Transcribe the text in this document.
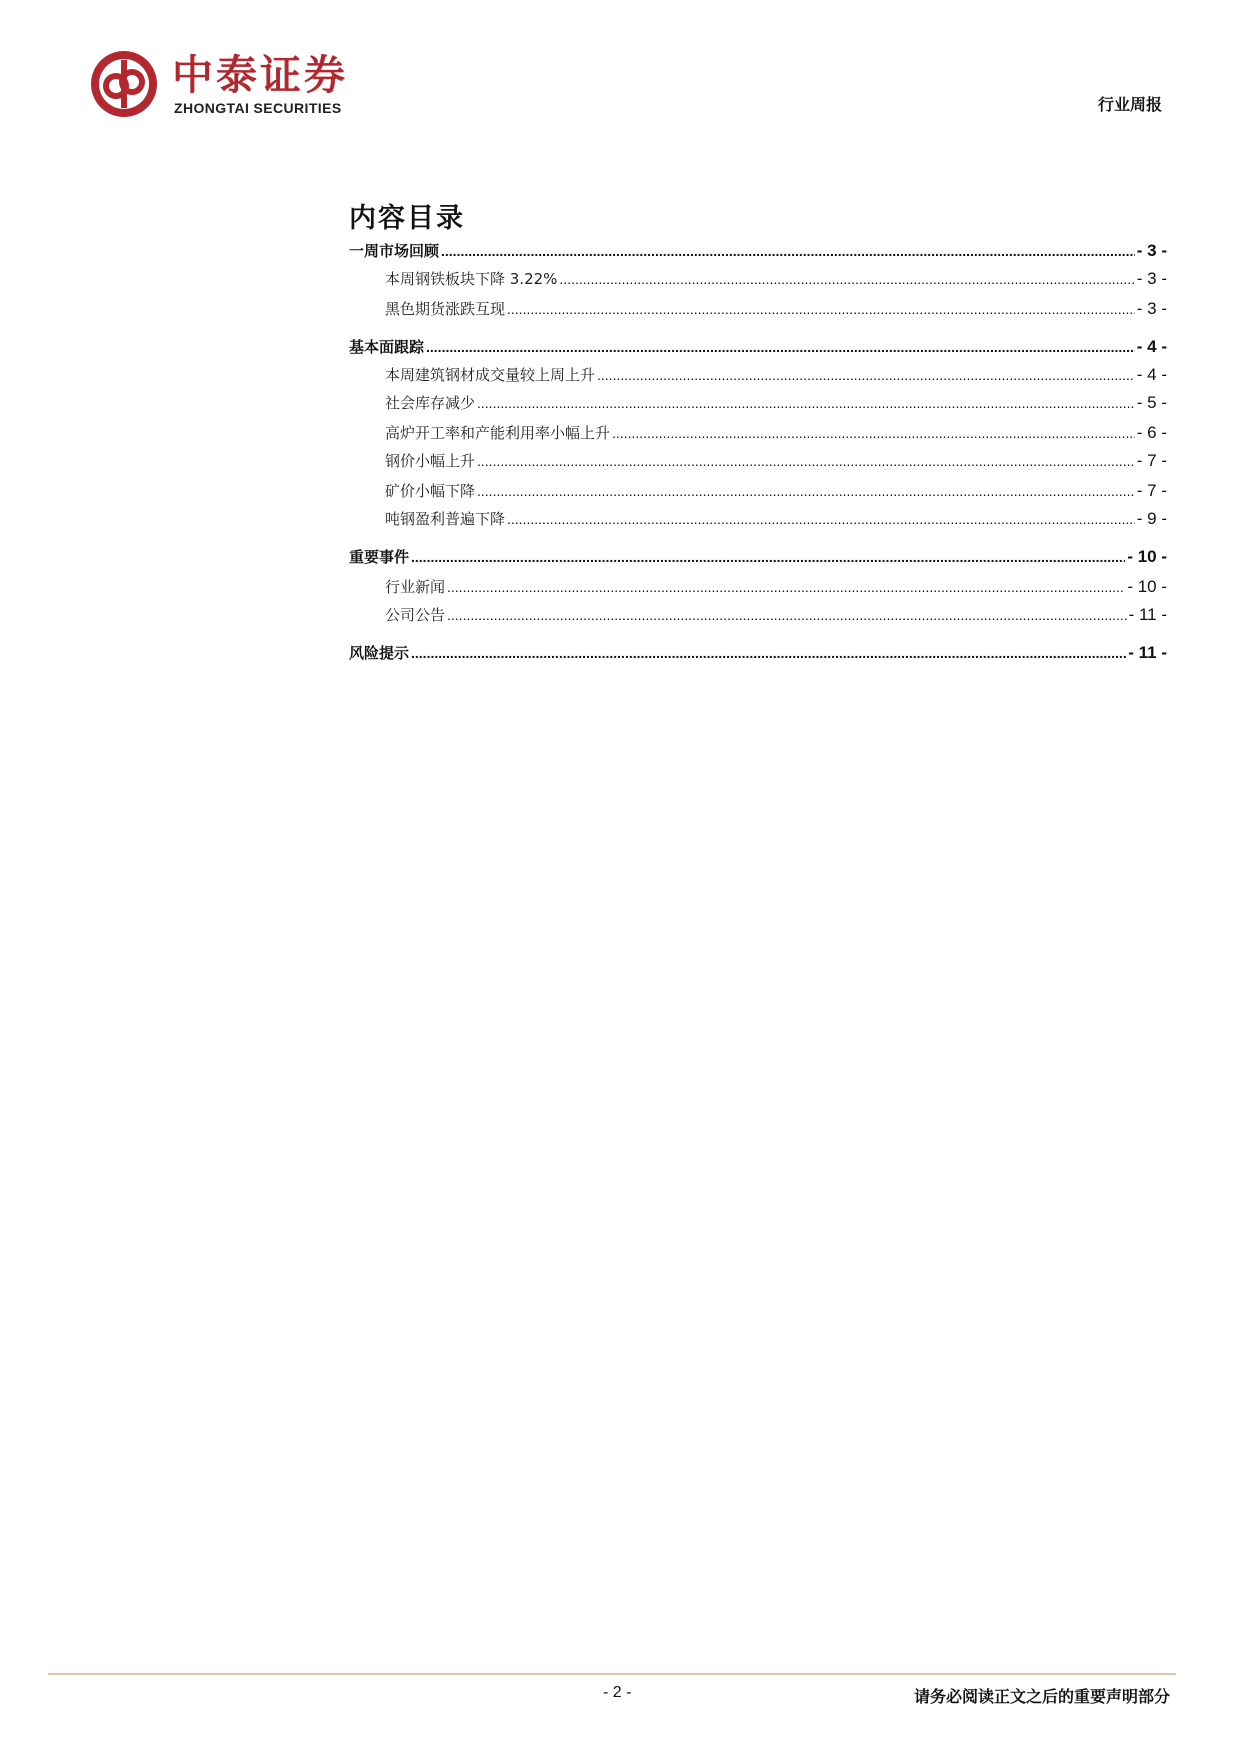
中泰证券
ZHONGTAI SECURITIES	行业周报
内容目录
一周市场回顾 .....	- 3 -
本周钢铁板块下降 3.22% .....	- 3 -
黑色期货涨跌互现 .....	- 3 -
基本面跟踪 .....	- 4 -
本周建筑钢材成交量较上周上升 .....	- 4 -
社会库存减少 .....	- 5 -
高炉开工率和产能利用率小幅上升 .....	- 6 -
钢价小幅上升 .....	- 7 -
矿价小幅下降 .....	- 7 -
吨钢盈利普遍下降 .....	- 9 -
重要事件 .....	- 10 -
行业新闻 .....	- 10 -
公司公告 .....	- 11 -
风险提示 .....	- 11 -
- 2 -	请务必阅读正文之后的重要声明部分
